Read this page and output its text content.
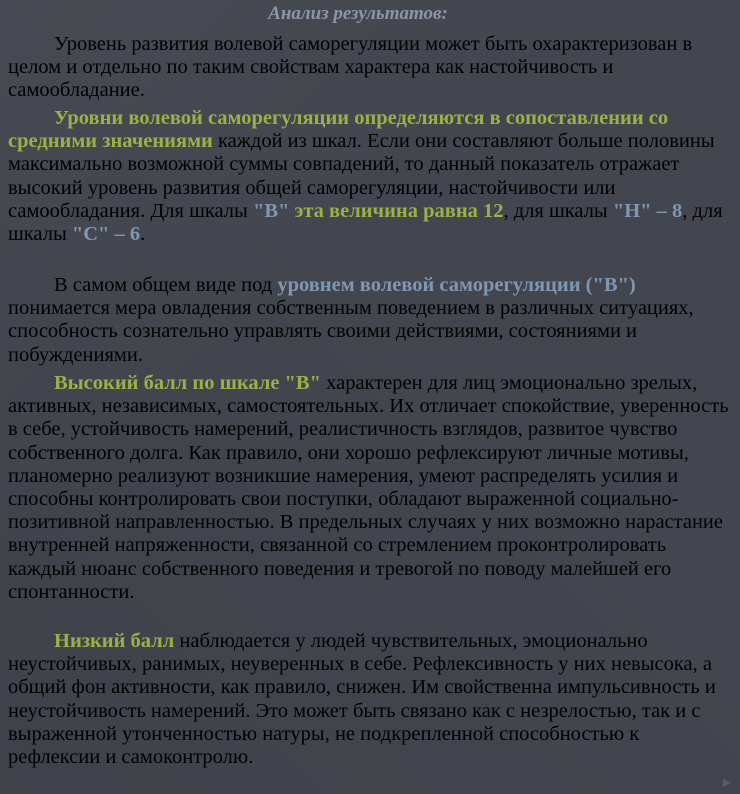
Анализ результатов:
Уровень развития волевой саморегуляции может быть охарактеризован в целом и отдельно по таким свойствам характера как настойчивость и самообладание.
Уровни волевой саморегуляции определяются в сопоставлении со средними значениями каждой из шкал. Если они составляют больше половины максимально возможной суммы совпадений, то данный показатель отражает высокий уровень развития общей саморегуляции, настойчивости или самообладания. Для шкалы "В" эта величина равна 12, для шкалы "Н" – 8, для шкалы "С" – 6.
В самом общем виде под уровнем волевой саморегуляции ("В") понимается мера овладения собственным поведением в различных ситуациях, способность сознательно управлять своими действиями, состояниями и побуждениями.
Высокий балл по шкале "В" характерен для лиц эмоционально зрелых, активных, независимых, самостоятельных. Их отличает спокойствие, уверенность в себе, устойчивость намерений, реалистичность взглядов, развитое чувство собственного долга. Как правило, они хорошо рефлексируют личные мотивы, планомерно реализуют возникшие намерения, умеют распределять усилия и способны контролировать свои поступки, обладают выраженной социально-позитивной направленностью. В предельных случаях у них возможно нарастание внутренней напряженности, связанной со стремлением проконтролировать каждый нюанс собственного поведения и тревогой по поводу малейшей его спонтанности.
Низкий балл наблюдается у людей чувствительных, эмоционально неустойчивых, ранимых, неуверенных в себе. Рефлексивность у них невысока, а общий фон активности, как правило, снижен. Им свойственна импульсивность и неустойчивость намерений. Это может быть связано как с незрелостью, так и с выраженной утонченностью натуры, не подкрепленной способностью к рефлексии и самоконтролю.
